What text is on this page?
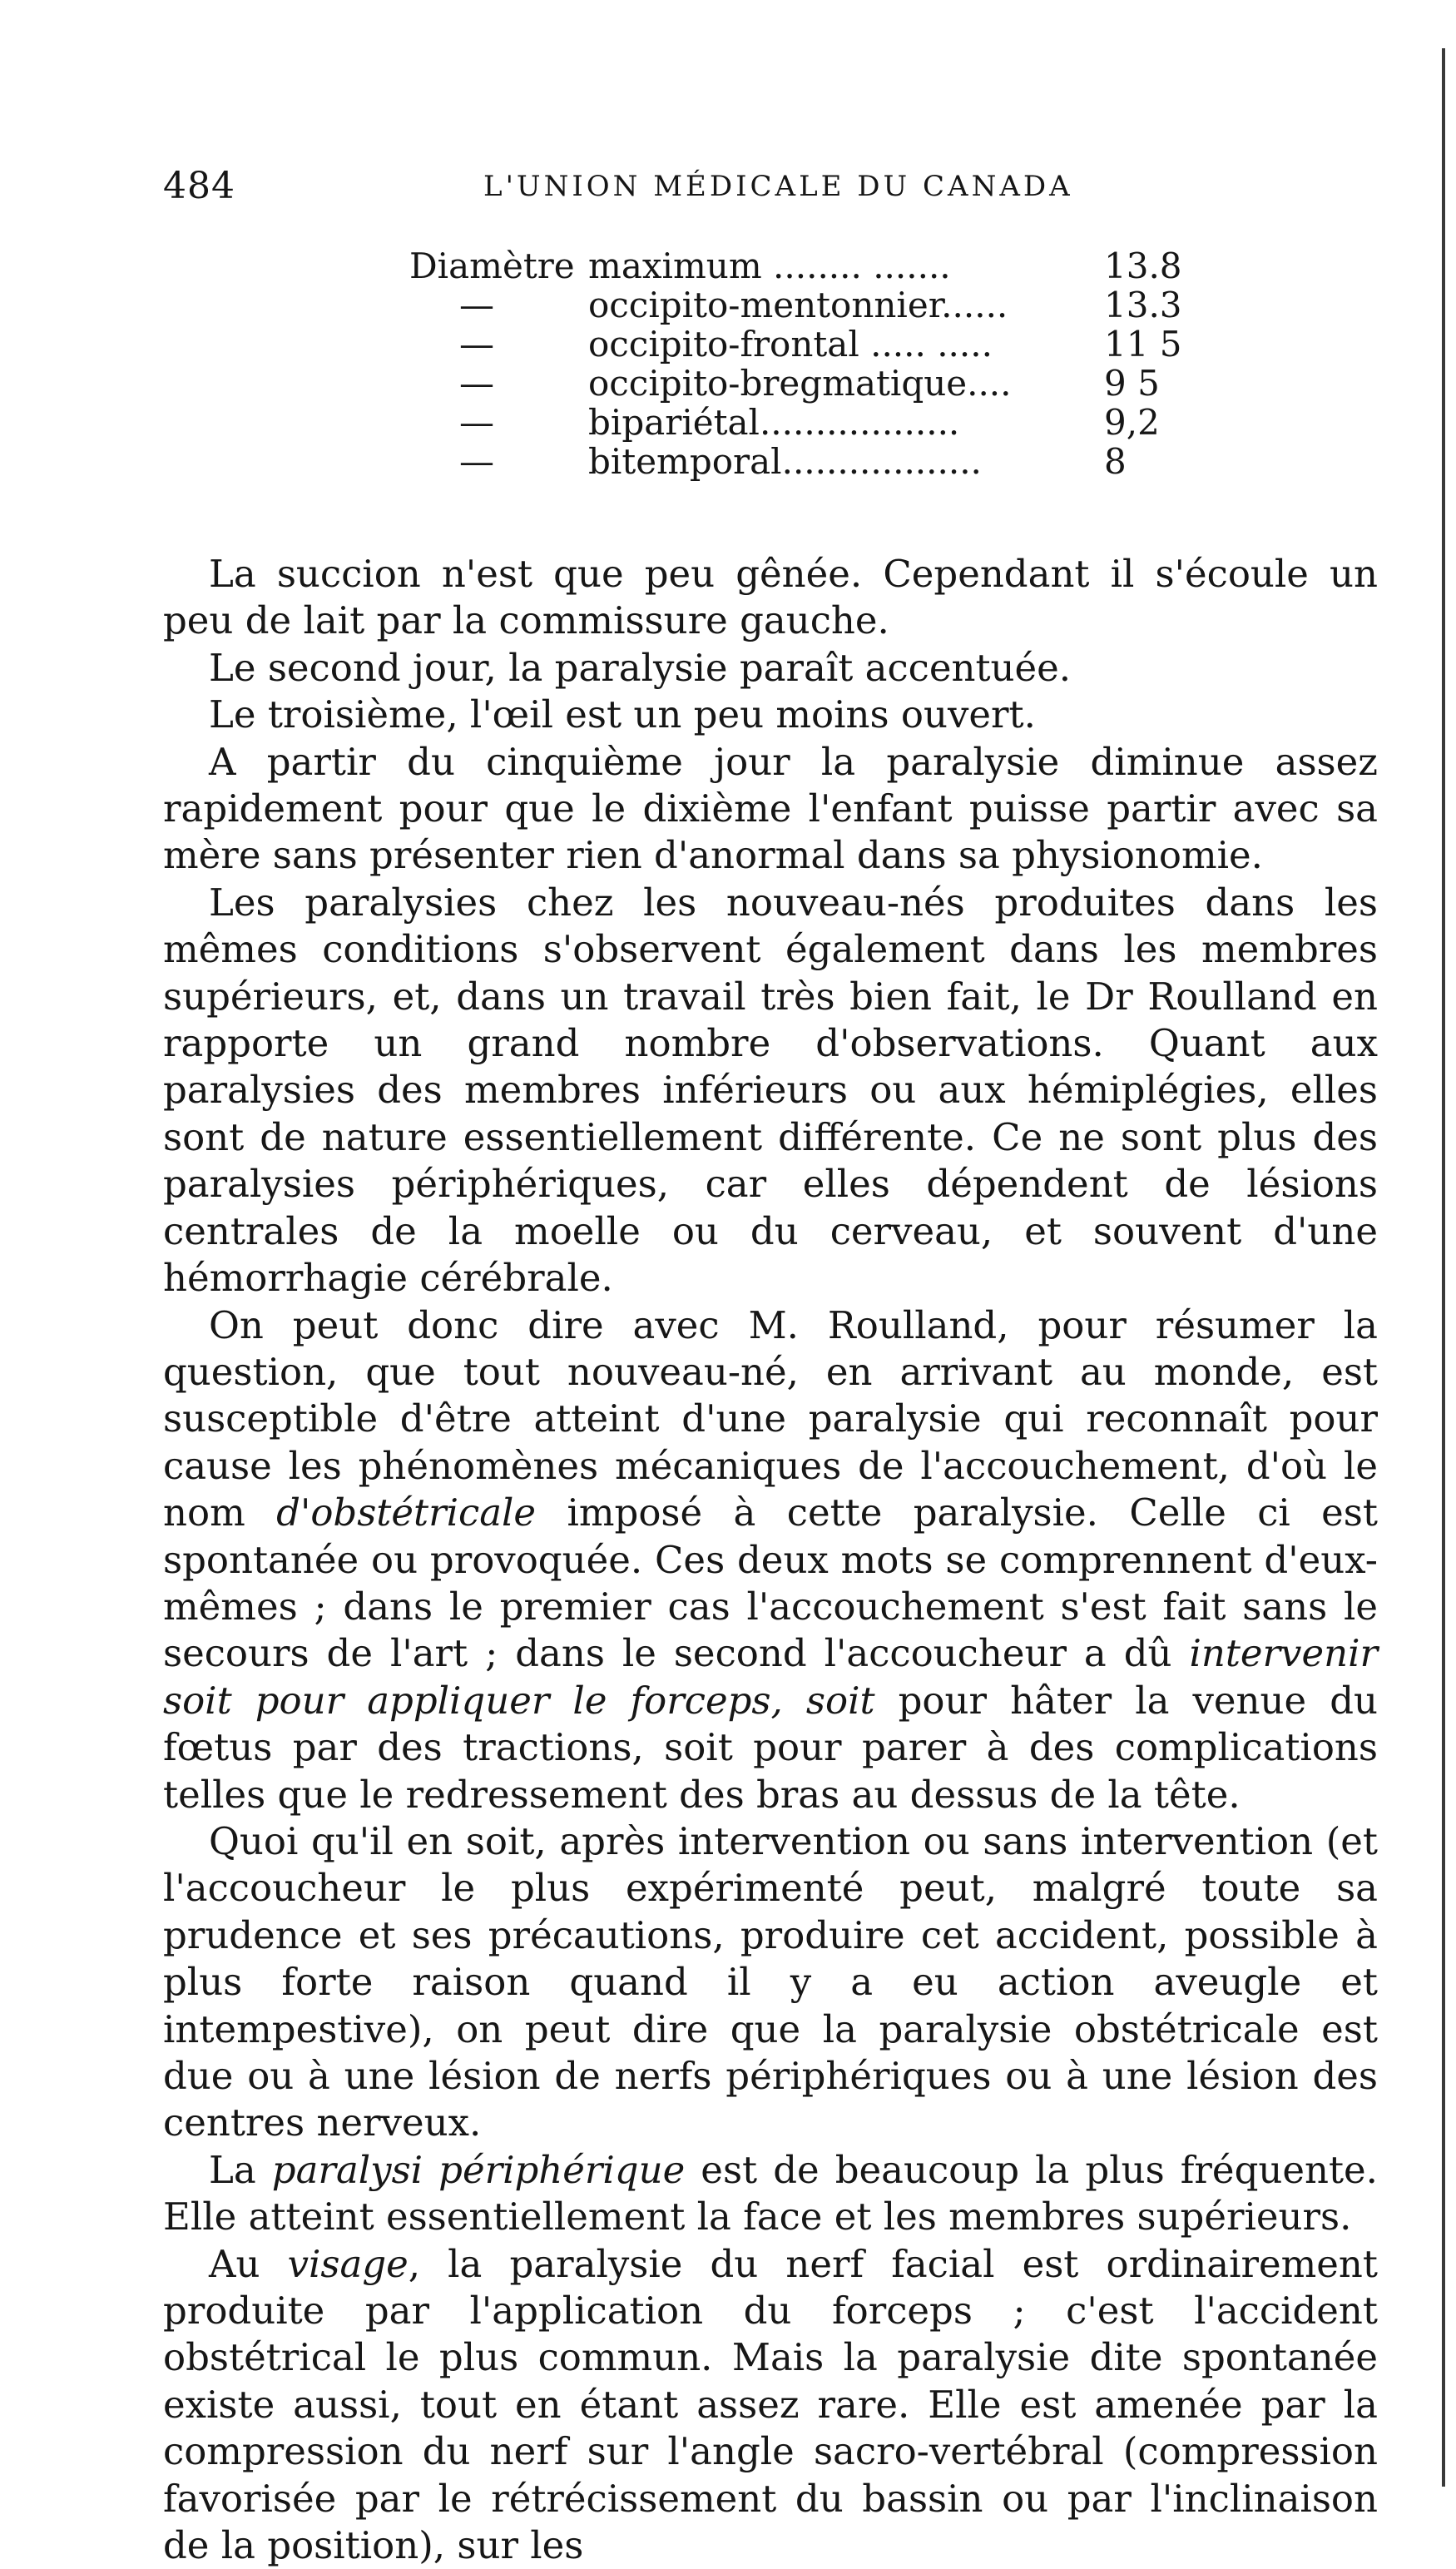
484	L'UNION MÉDICALE DU CANADA
Diamètre maximum ........ .......	13.8
—	occipito-mentonnier......	13.3
—	occipito-frontal ..... .....	11 5
—	occipito-bregmatique....	9 5
—	bipariétal..................	9,2
—	bitemporal..................	8

La succion n'est que peu gênée. Cependant il s'écoule un peu de lait par la commissure gauche.

Le second jour, la paralysie paraît accentuée.

Le troisième, l'œil est un peu moins ouvert.

A partir du cinquième jour la paralysie diminue assez rapidement pour que le dixième l'enfant puisse partir avec sa mère sans présenter rien d'anormal dans sa physionomie.

Les paralysies chez les nouveau-nés produites dans les mêmes conditions s'observent également dans les membres supérieurs, et, dans un travail très bien fait, le Dr Roulland en rapporte un grand nombre d'observations. Quant aux paralysies des membres inférieurs ou aux hémiplégies, elles sont de nature essentiellement différente. Ce ne sont plus des paralysies périphériques, car elles dépendent de lésions centrales de la moelle ou du cerveau, et souvent d'une hémorrhagie cérébrale.

On peut donc dire avec M. Roulland, pour résumer la question, que tout nouveau-né, en arrivant au monde, est susceptible d'être atteint d'une paralysie qui reconnaît pour cause les phénomènes mécaniques de l'accouchement, d'où le nom d'obstétricale imposé à cette paralysie. Celle ci est spontanée ou provoquée. Ces deux mots se comprennent d'eux-mêmes ; dans le premier cas l'accouchement s'est fait sans le secours de l'art ; dans le second l'accoucheur a dû intervenir soit pour appliquer le forceps, soit pour hâter la venue du fœtus par des tractions, soit pour parer à des complications telles que le redressement des bras au dessus de la tête.

Quoi qu'il en soit, après intervention ou sans intervention (et l'accoucheur le plus expérimenté peut, malgré toute sa prudence et ses précautions, produire cet accident, possible à plus forte raison quand il y a eu action aveugle et intempestive), on peut dire que la paralysie obstétricale est due ou à une lésion de nerfs périphériques ou à une lésion des centres nerveux.

La paralysi périphérique est de beaucoup la plus fréquente. Elle atteint essentiellement la face et les membres supérieurs.

Au visage, la paralysie du nerf facial est ordinairement produite par l'application du forceps ; c'est l'accident obstétrical le plus commun. Mais la paralysie dite spontanée existe aussi, tout en étant assez rare. Elle est amenée par la compression du nerf sur l'angle sacro-vertébral (compression favorisée par le rétrécissement du bassin ou par l'inclinaison de la position), sur les
